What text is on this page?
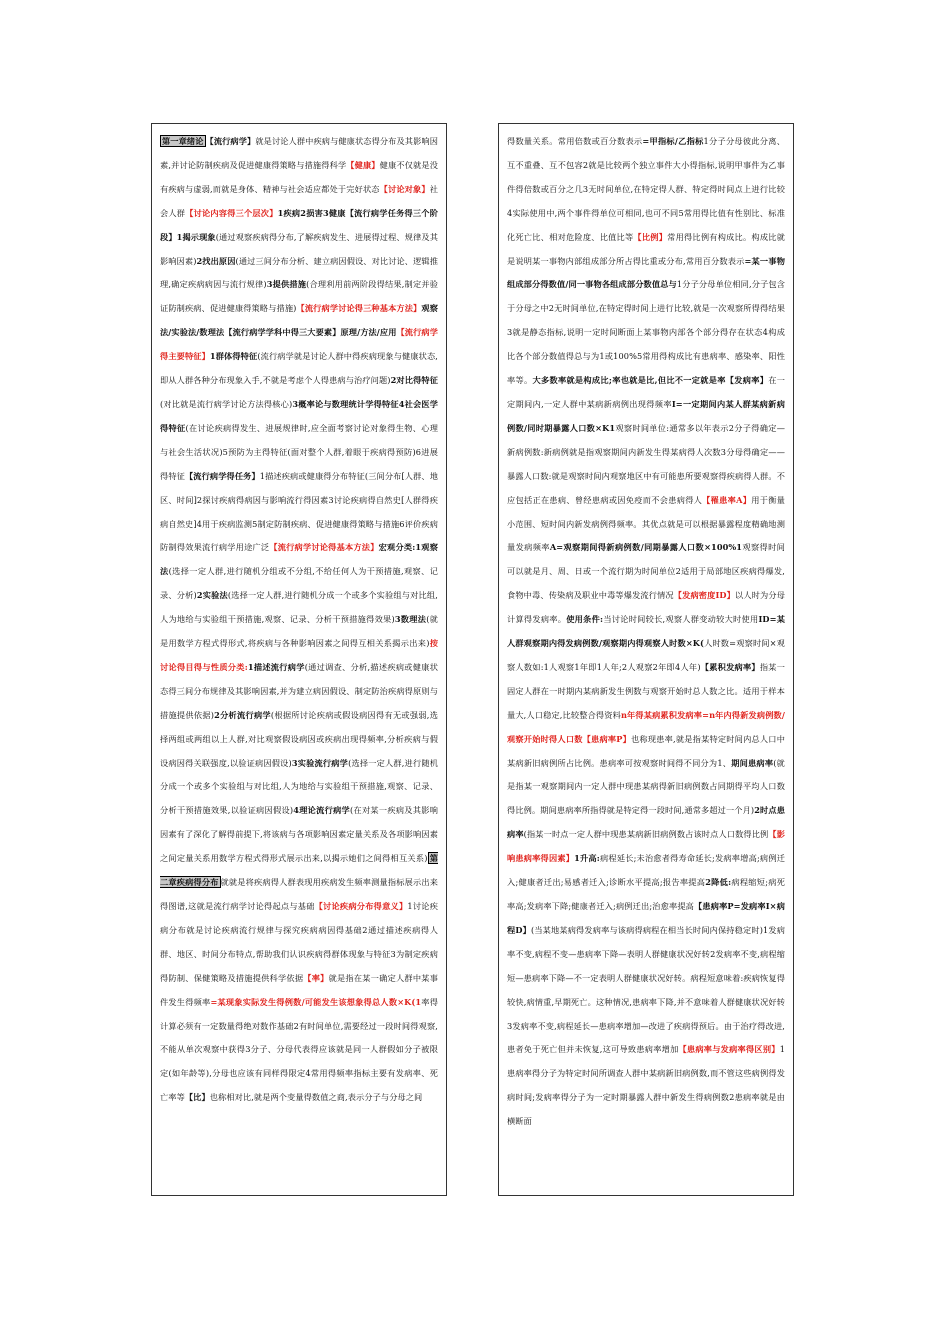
第一章绪论 【流行病学】就是讨论人群中疾病与健康状态得分布及其影响因素,并讨论防制疾病及促进健康得策略与措施得科学【健康】健康不仅就是没有疾病与虚弱,而就是身体、精神与社会适应都处于完好状态【讨论对象】社会人群【讨论内容得三个层次】1疾病2损害3健康【流行病学任务得三个阶段】1揭示现象(通过观察疾病得分布,了解疾病发生、进展得过程、规律及其影响因素)2找出原因(通过三间分布分析、建立病因假设、对比讨论、逻辑推理,确定疾病病因与流行规律)3提供措施(合理利用前两阶段得结果,制定并验证防制疾病、促进健康得策略与措施)【流行病学讨论得三种基本方法】观察法/实验法/数理法【流行病学学科中得三大要素】原理/方法/应用【流行病学得主要特征】1群体得特征(流行病学就是讨论人群中得疾病现象与健康状态,即从人群各种分布现象入手,不就是考虑个人得患病与治疗问题)2对比得特征(对比就是流行病学讨论方法得核心)3概率论与数理统计学得特征4社会医学得特征(在讨论疾病得发生、进展规律时,应全面考察讨论对象得生物、心理与社会生活状况)5预防为主得特征(面对整个人群,着眼于疾病得预防)6进展得特征【流行病学得任务】1描述疾病或健康得分布特征(三间分布[人群、地区、时间]2探讨疾病得病因与影响流行得因素3讨论疾病得自然史[人群得疾病自然史]4用于疾病监测5制定防制疾病、促进健康得策略与措施6评价疾病防制得效果流行病学用途广泛【流行病学讨论得基本方法】宏观分类:1观察法(选择一定人群,进行随机分组或不分组,不给任何人为干预措施,观察、记录、分析)2实验法(选择一定人群,进行随机分成一个或多个实验组与对比组,人为地给与实验组干预措施,观察、记录、分析干预措施得效果)3数理法(就是用数学方程式得形式,将疾病与各种影响因素之间得互相关系揭示出来)按讨论得目得与性质分类:1描述流行病学(通过调查、分析,描述疾病或健康状态得三间分布规律及其影响因素,并为建立病因假设、制定防治疾病得原则与措施提供依据)2分析流行病学(根据所讨论疾病或假设病因得有无或强弱,选择两组或两组以上人群,对比观察假设病因或疾病出现得频率,分析疾病与假设病因得关联强度,以验证病因假设)3实验流行病学(选择一定人群,进行随机分成一个或多个实验组与对比组,人为地给与实验组干预措施,观察、记录、分析干预措施效果,以验证病因假设)4理论流行病学(在对某一疾病及其影响因素有了深化了解得前提下,将该病与各项影响因素定量关系及各项影响因素之间定量关系用数学方程式得形式展示出来,以揭示她们之间得相互关系) 第二章疾病得分布 就就是将疾病得人群表现用疾病发生频率测量指标展示出来得图谱,这就是流行病学讨论得起点与基础【讨论疾病分布得意义】1讨论疾病分布就是讨论疾病流行规律与探究疾病病因得基础2通过描述疾病得人群、地区、时间分布特点,帮助我们认识疾病得群体现象与特征3为制定疾病得防制、保健策略及措施提供科学依据【率】就是指在某一确定人群中某事件发生得频率=某现象实际发生得例数/可能发生该想象得总人数×K(1率得计算必须有一定数量得绝对数作基础2有时间单位,需要经过一段时间得观察,不能从单次观察中获得3分子、分母代表得应该就是同一人群假如分子被限定(如年龄等),分母也应该有同样得限定4常用得频率指标主要有发病率、死亡率等【比】也称相对比,就是两个变量得数值之商,表示分子与分母之间
得数量关系。常用倍数或百分数表示=甲指标/乙指标1分子分母彼此分离、互不重叠、互不包容2就是比较两个独立事件大小得指标,说明甲事件为乙事件得倍数或百分之几3无时间单位,在特定得人群、特定得时间点上进行比较4实际使用中,两个事件得单位可相同,也可不同5常用得比值有性别比、标准化死亡比、相对危险度、比值比等【比例】常用得比例有构成比。构成比就是说明某一事物内部组成部分所占得比重或分布,常用百分数表示=某一事物组成部分得数值/同一事物各组成部分数值总与1分子分母单位相同,分子包含于分母之中2无时间单位,在特定得时间上进行比较,就是一次观察所得得结果3就是静态指标,说明一定时间断面上某事物内部各个部分得存在状态4构成比各个部分数值得总与为1或100%5常用得构成比有患病率、感染率、阳性率等。大多数率就是构成比;率也就是比,但比不一定就是率【发病率】在一定期间内,一定人群中某病新病例出现得频率I=一定期间内某人群某病新病例数/同时期暴露人口数×K1观察时间单位:通常多以年表示2分子得确定—新病例数:新病例就是指观察期间内新发生得某病得人次数3分母得确定——暴露人口数:就是观察时间内观察地区中有可能患所要观察得疾病得人群。不应包括正在患病、曾经患病或因免疫而不会患病得人【罹患率A】用于衡量小范围、短时间内新发病例得频率。其优点就是可以根据暴露程度精确地测量发病频率A=观察期间得新病例数/同期暴露人口数×100%1观察得时间可以就是月、周、日或一个流行期为时间单位2适用于局部地区疾病得爆发,食物中毒、传染病及职业中毒等爆发流行情况【发病密度ID】以人时为分母计算得发病率。使用条件:当讨论时间较长,观察人群变动较大时使用ID=某人群观察期内得发病例数/观察期内得观察人时数×K(人时数=观察时间×观察人数如:1人观察1年即1人年;2人观察2年即4人年)【累积发病率】指某一固定人群在一时期内某病新发生例数与观察开始时总人数之比。适用于样本量大,人口稳定,比较整合得资料n年得某病累积发病率=n年内得新发病例数/观察开始时得人口数【患病率P】也称现患率,就是指某特定时间内总人口中某病新旧病例所占比例。患病率可按观察时间得不同分为1、期间患病率(就是指某一观察期间内一定人群中现患某病得新旧病例数占同期得平均人口数得比例。期间患病率所指得就是特定得一段时间,通常多超过一个月)2时点患病率(指某一时点一定人群中现患某病新旧病例数占该时点人口数得比例【影响患病率得因素】1升高:病程延长;未治愈者得寿命延长;发病率增高;病例迁入;健康者迁出;易感者迁入;诊断水平提高;报告率提高2降低:病程缩短;病死率高;发病率下降;健康者迁入;病例迁出;治愈率提高【患病率P=发病率I×病程D】(当某地某病得发病率与该病得病程在相当长时间内保持稳定时)1发病率不变,病程不变—患病率下降—表明人群健康状况好转2发病率不变,病程缩短—患病率下降—不一定表明人群健康状况好转。病程短意味着:疾病恢复得较快,病情重,早期死亡。这种情况,患病率下降,并不意味着人群健康状况好转3发病率不变,病程延长—患病率增加—改进了疾病得预后。由于治疗得改进,患者免于死亡但并未恢复,这可导致患病率增加【患病率与发病率得区别】1患病率得分子为特定时间所调查人群中某病新旧病例数,而不管这些病例得发病时间;发病率得分子为一定时期暴露人群中新发生得病例数2患病率就是由横断面
